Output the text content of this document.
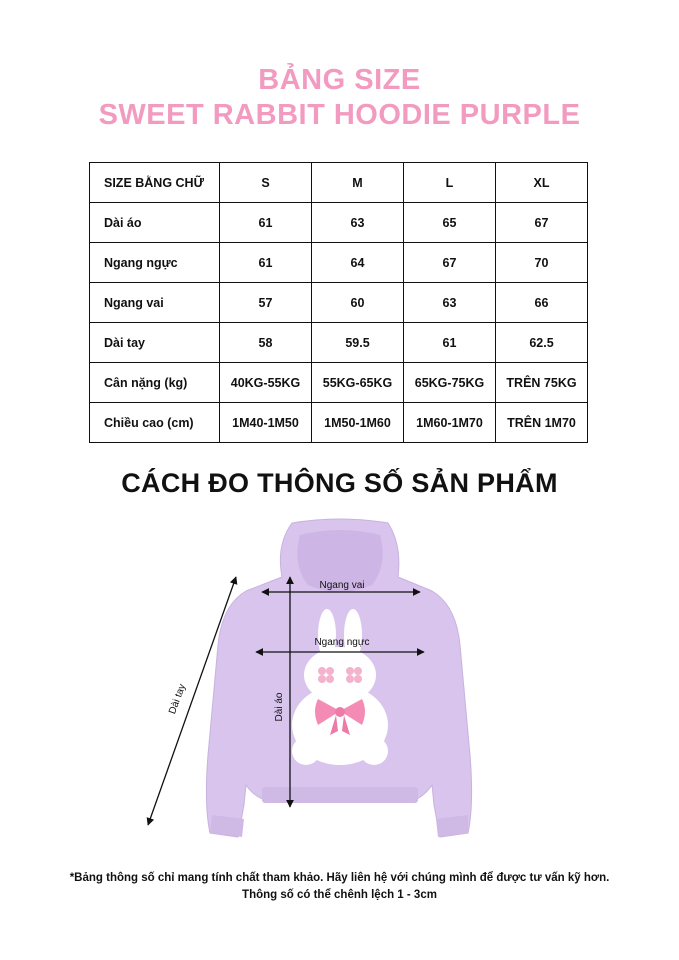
BẢNG SIZE
SWEET RABBIT HOODIE PURPLE
SIZE BẰNG CHỮ	S	M	L	XL
Dài áo	61	63	65	67
Ngang ngực	61	64	67	70
Ngang vai	57	60	63	66
Dài tay	58	59.5	61	62.5
Cân nặng (kg)	40KG-55KG	55KG-65KG	65KG-75KG	TRÊN 75KG
Chiều cao (cm)	1M40-1M50	1M50-1M60	1M60-1M70	TRÊN 1M70
CÁCH ĐO THÔNG SỐ SẢN PHẨM
Ngang vai
Ngang ngực
Dài áo
Dài tay
*Bảng thông số chỉ mang tính chất tham khảo. Hãy liên hệ với chúng mình để được tư vấn kỹ hơn.
Thông số có thể chênh lệch 1 - 3cm
